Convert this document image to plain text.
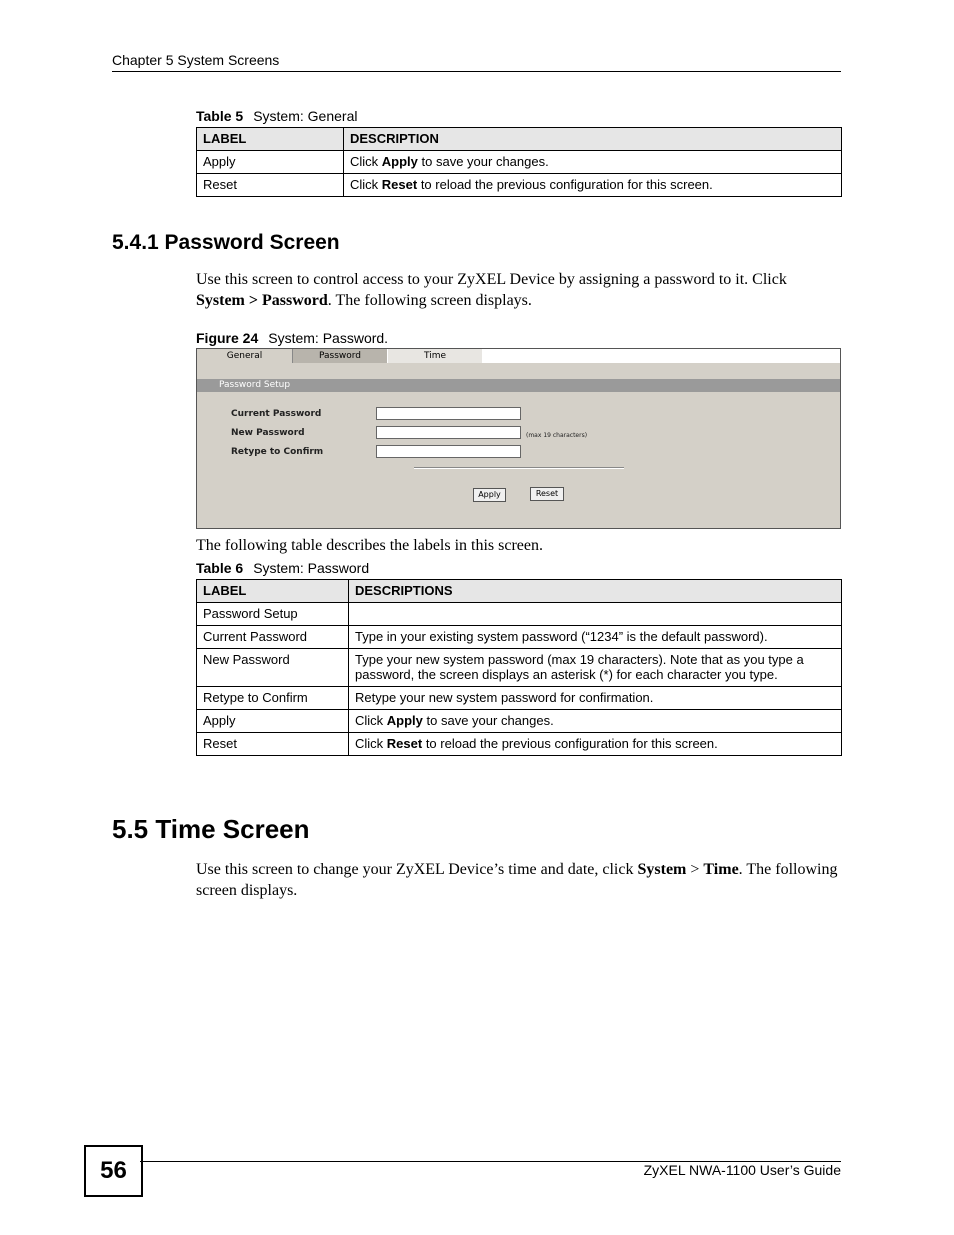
Chapter 5 System Screens
Table 5 System: General
LABEL	DESCRIPTION
Apply	Click Apply to save your changes.
Reset	Click Reset to reload the previous configuration for this screen.
5.4.1 Password Screen
Use this screen to control access to your ZyXEL Device by assigning a password to it. Click
System > Password. The following screen displays.
Figure 24 System: Password.
General	Password	Time
Password Setup
Current Password
New Password	(max 19 characters)
Retype to Confirm
Apply	Reset
The following table describes the labels in this screen.
Table 6 System: Password
LABEL	DESCRIPTIONS
Password Setup	
Current Password	Type in your existing system password (“1234” is the default password).
New Password	Type your new system password (max 19 characters). Note that as you type a password, the screen displays an asterisk (*) for each character you type.
Retype to Confirm	Retype your new system password for confirmation.
Apply	Click Apply to save your changes.
Reset	Click Reset to reload the previous configuration for this screen.
5.5 Time Screen
Use this screen to change your ZyXEL Device’s time and date, click System > Time. The following screen displays.
56	ZyXEL NWA-1100 User’s Guide
